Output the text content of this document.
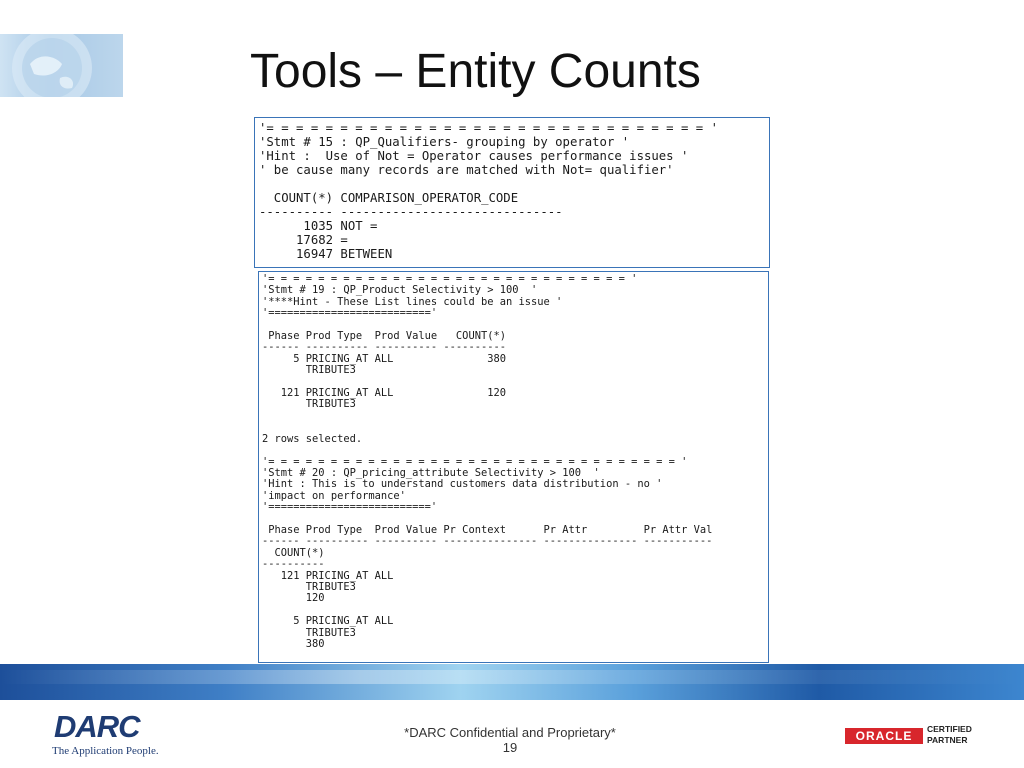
Tools – Entity Counts
'= = = = = = = = = = = = = = = = = = = = = = = = = = = = = = '
'Stmt # 15 : QP_Qualifiers- grouping by operator '
'Hint :  Use of Not = Operator causes performance issues '
' be cause many records are matched with Not= qualifier'

COUNT(*) COMPARISON_OPERATOR_CODE
---------- ------------------------------
1035 NOT =
17682 =
16947 BETWEEN
'= = = = = = = = = = = = = = = = = = = = = = = = = = = = = '
'Stmt # 19 : QP_Product Selectivity > 100  '
'****Hint - These List lines could be an issue '
'=========================='

Phase Prod Type  Prod Value   COUNT(*)
------ ---------- ---------- ----------
5 PRICING_AT ALL               380
TRIBUTE3

121 PRICING_AT ALL               120
TRIBUTE3

2 rows selected.

'= = = = = = = = = = = = = = = = = = = = = = = = = = = = = = = = = '
'Stmt # 20 : QP_pricing_attribute Selectivity > 100  '
'Hint : This is to understand customers data distribution - no '
'impact on performance'
'=========================='

Phase Prod Type  Prod Value Pr Context      Pr Attr         Pr Attr Val
------ ---------- ---------- --------------- --------------- -----------
COUNT(*)
----------
121 PRICING_AT ALL
TRIBUTE3
120

5 PRICING_AT ALL
TRIBUTE3
380
DARC
The Application People.
*DARC Confidential and Proprietary*
19
ORACLE	CERTIFIED
PARTNER
